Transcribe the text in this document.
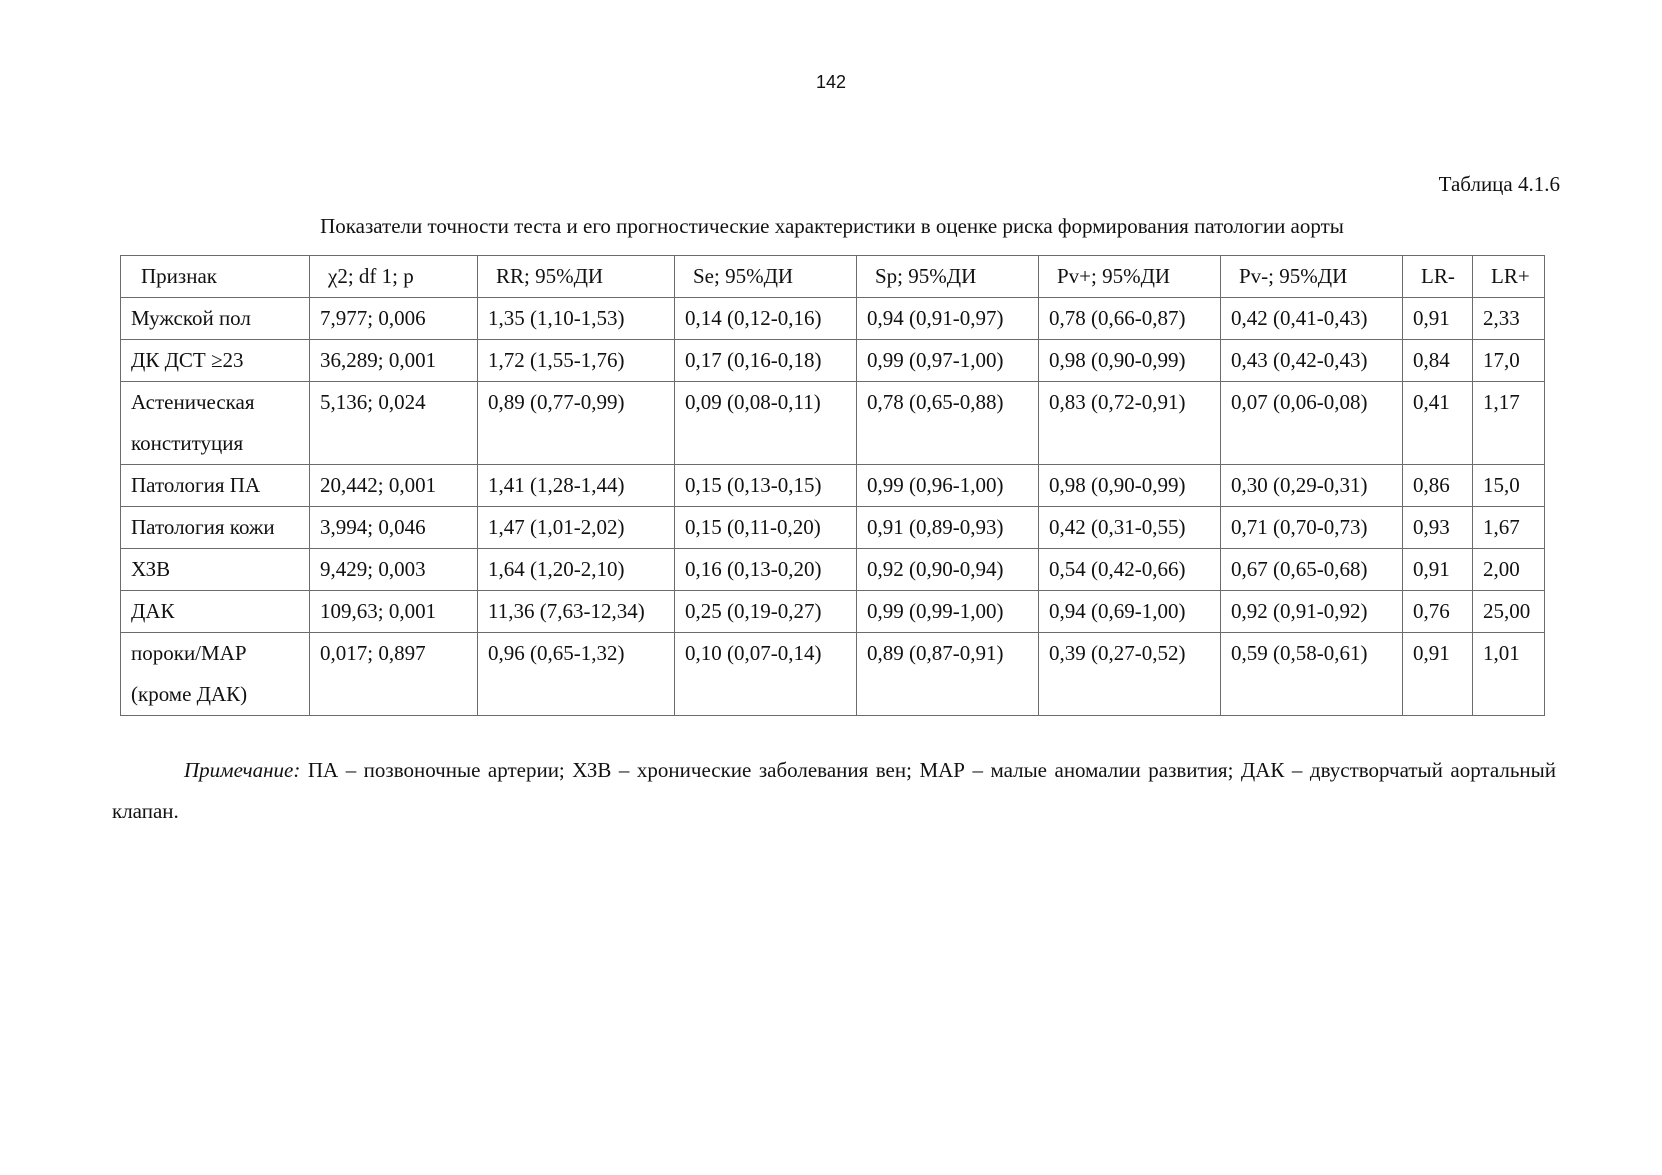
142
Таблица 4.1.6
Показатели точности теста и его прогностические характеристики в оценке риска формирования патологии аорты
Признак	χ2; df 1; p	RR; 95%ДИ	Se; 95%ДИ	Sp; 95%ДИ	Pv+; 95%ДИ	Pv-; 95%ДИ	LR-	LR+

Мужской пол	7,977; 0,006	1,35 (1,10-1,53)	0,14 (0,12-0,16)	0,94 (0,91-0,97)	0,78 (0,66-0,87)	0,42 (0,41-0,43)	0,91	2,33

ДК ДСТ ≥23	36,289; 0,001	1,72 (1,55-1,76)	0,17 (0,16-0,18)	0,99 (0,97-1,00)	0,98 (0,90-0,99)	0,43 (0,42-0,43)	0,84	17,0

Астеническая
конституция	5,136; 0,024	0,89 (0,77-0,99)	0,09 (0,08-0,11)	0,78 (0,65-0,88)	0,83 (0,72-0,91)	0,07 (0,06-0,08)	0,41	1,17

Патология ПА	20,442; 0,001	1,41 (1,28-1,44)	0,15 (0,13-0,15)	0,99 (0,96-1,00)	0,98 (0,90-0,99)	0,30 (0,29-0,31)	0,86	15,0

Патология кожи	3,994; 0,046	1,47 (1,01-2,02)	0,15 (0,11-0,20)	0,91 (0,89-0,93)	0,42 (0,31-0,55)	0,71 (0,70-0,73)	0,93	1,67

ХЗВ	9,429; 0,003	1,64 (1,20-2,10)	0,16 (0,13-0,20)	0,92 (0,90-0,94)	0,54 (0,42-0,66)	0,67 (0,65-0,68)	0,91	2,00

ДАК	109,63; 0,001	11,36 (7,63-12,34)	0,25 (0,19-0,27)	0,99 (0,99-1,00)	0,94 (0,69-1,00)	0,92 (0,91-0,92)	0,76	25,00

пороки/МАР
(кроме ДАК)	0,017; 0,897	0,96 (0,65-1,32)	0,10 (0,07-0,14)	0,89 (0,87-0,91)	0,39 (0,27-0,52)	0,59 (0,58-0,61)	0,91	1,01
Примечание: ПА – позвоночные артерии; ХЗВ – хронические заболевания вен; МАР – малые аномалии развития; ДАК – двустворчатый аортальный клапан.
